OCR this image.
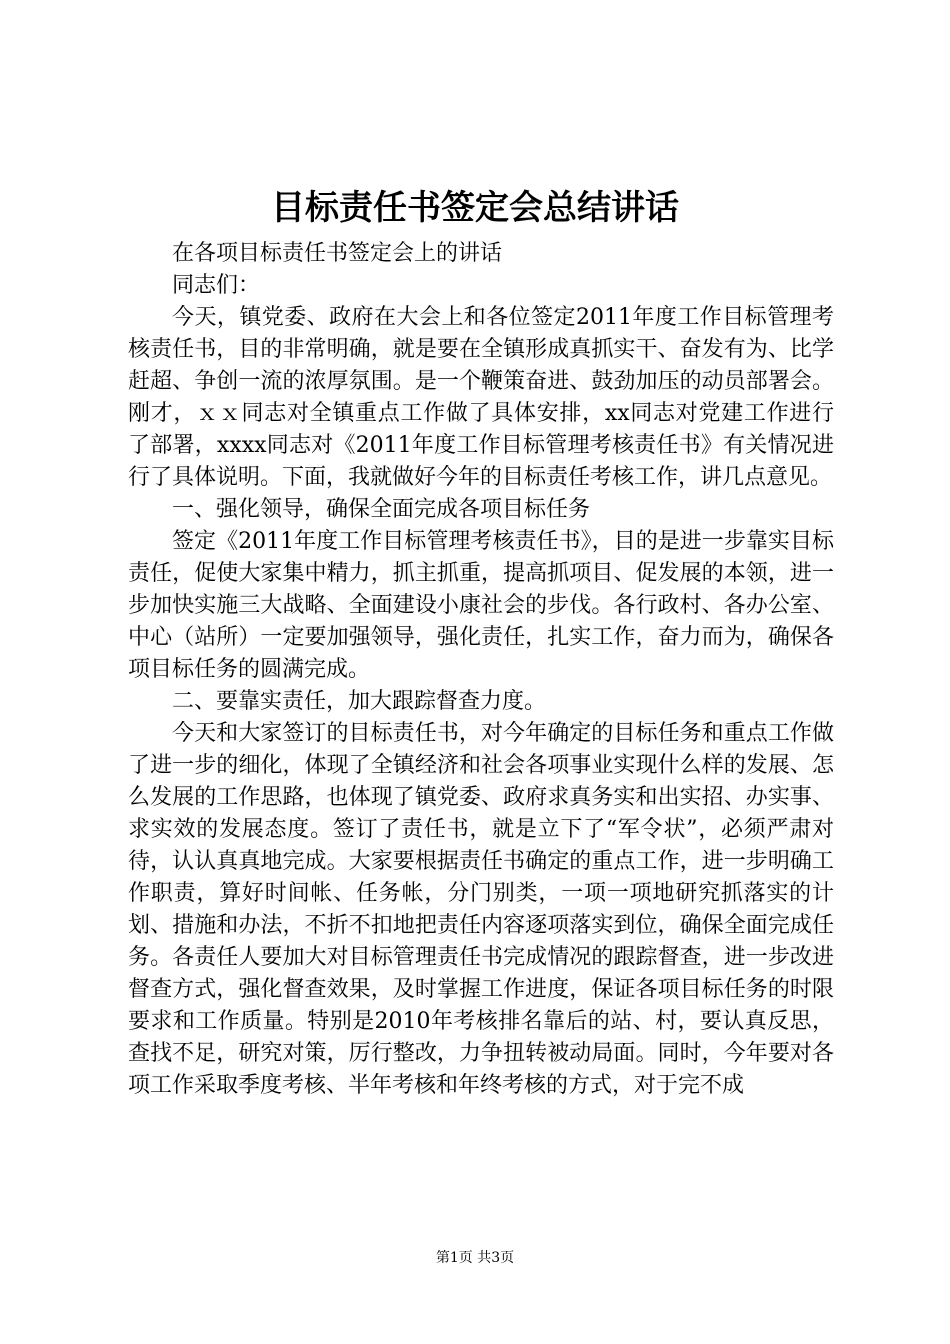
目标责任书签定会总结讲话

在各项目标责任书签定会上的讲话

同志们：

今天，镇党委、政府在大会上和各位签定2011年度工作目标管理考核责任书，目的非常明确，就是要在全镇形成真抓实干、奋发有为、比学赶超、争创一流的浓厚氛围。是一个鞭策奋进、鼓劲加压的动员部署会。刚才，ｘｘ同志对全镇重点工作做了具体安排，xx同志对党建工作进行了部署，xxxx同志对《2011年度工作目标管理考核责任书》有关情况进行了具体说明。下面，我就做好今年的目标责任考核工作，讲几点意见。

一、强化领导，确保全面完成各项目标任务

签定《2011年度工作目标管理考核责任书》，目的是进一步靠实目标责任，促使大家集中精力，抓主抓重，提高抓项目、促发展的本领，进一步加快实施三大战略、全面建设小康社会的步伐。各行政村、各办公室、中心（站所）一定要加强领导，强化责任，扎实工作，奋力而为，确保各项目标任务的圆满完成。

二、要靠实责任，加大跟踪督查力度。

今天和大家签订的目标责任书，对今年确定的目标任务和重点工作做了进一步的细化，体现了全镇经济和社会各项事业实现什么样的发展、怎么发展的工作思路，也体现了镇党委、政府求真务实和出实招、办实事、求实效的发展态度。签订了责任书，就是立下了“军令状”，必须严肃对待，认认真真地完成。大家要根据责任书确定的重点工作，进一步明确工作职责，算好时间帐、任务帐，分门别类，一项一项地研究抓落实的计划、措施和办法，不折不扣地把责任内容逐项落实到位，确保全面完成任务。各责任人要加大对目标管理责任书完成情况的跟踪督查，进一步改进督查方式，强化督查效果，及时掌握工作进度，保证各项目标任务的时限要求和工作质量。特别是2010年考核排名靠后的站、村，要认真反思，查找不足，研究对策，厉行整改，力争扭转被动局面。同时，今年要对各项工作采取季度考核、半年考核和年终考核的方式，对于完不成

第1页 共3页
